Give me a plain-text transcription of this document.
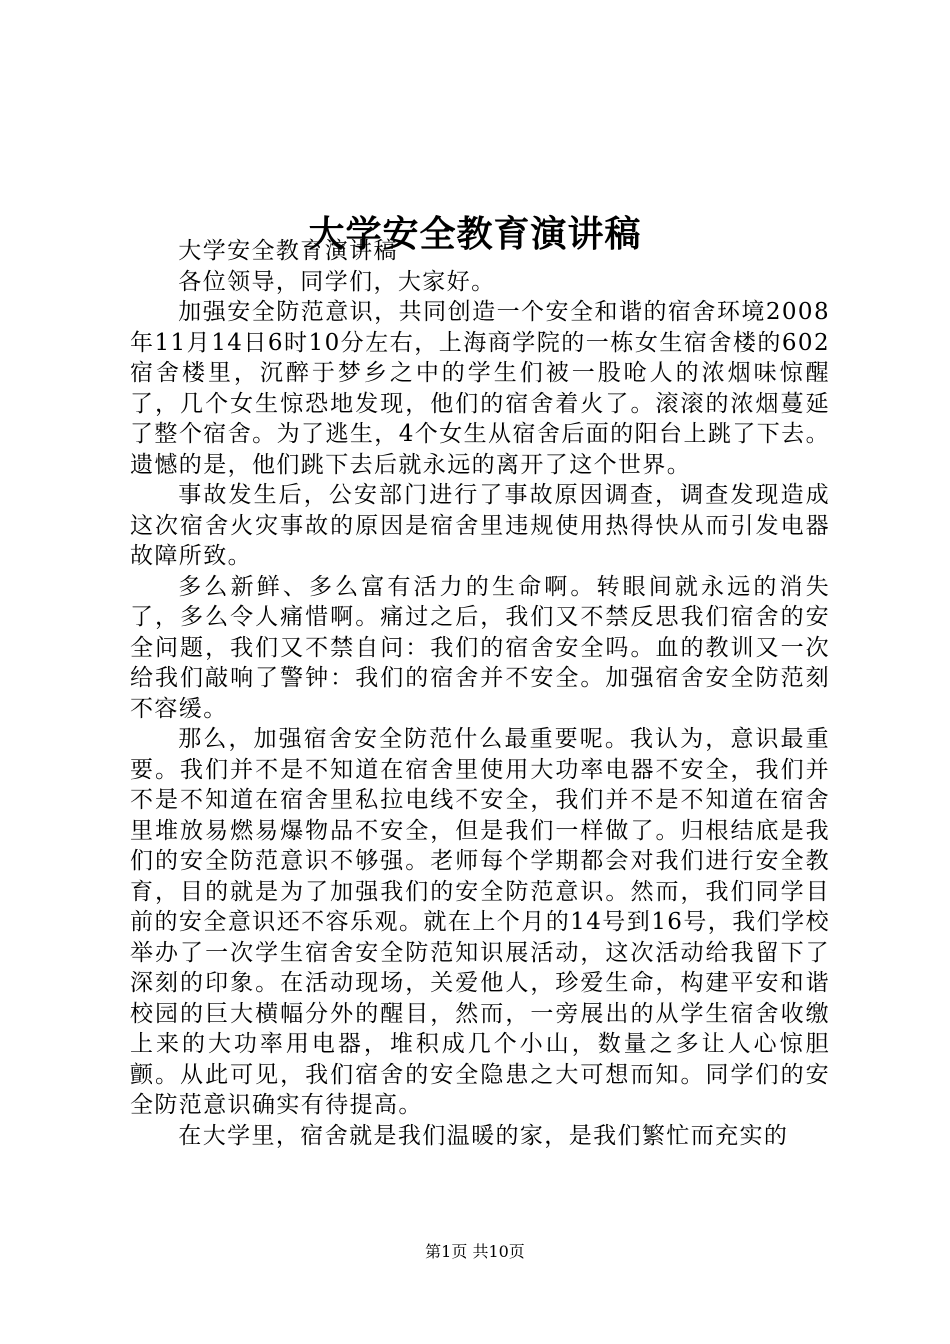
大学安全教育演讲稿

大学安全教育演讲稿

各位领导，同学们，大家好。

加强安全防范意识，共同创造一个安全和谐的宿舍环境2008年11月14日6时10分左右，上海商学院的一栋女生宿舍楼的602宿舍楼里，沉醉于梦乡之中的学生们被一股呛人的浓烟味惊醒了，几个女生惊恐地发现，他们的宿舍着火了。滚滚的浓烟蔓延了整个宿舍。为了逃生，4个女生从宿舍后面的阳台上跳了下去。遗憾的是，他们跳下去后就永远的离开了这个世界。

事故发生后，公安部门进行了事故原因调查，调查发现造成这次宿舍火灾事故的原因是宿舍里违规使用热得快从而引发电器故障所致。

多么新鲜、多么富有活力的生命啊。转眼间就永远的消失了，多么令人痛惜啊。痛过之后，我们又不禁反思我们宿舍的安全问题，我们又不禁自问：我们的宿舍安全吗。血的教训又一次给我们敲响了警钟：我们的宿舍并不安全。加强宿舍安全防范刻不容缓。

那么，加强宿舍安全防范什么最重要呢。我认为，意识最重要。我们并不是不知道在宿舍里使用大功率电器不安全，我们并不是不知道在宿舍里私拉电线不安全，我们并不是不知道在宿舍里堆放易燃易爆物品不安全，但是我们一样做了。归根结底是我们的安全防范意识不够强。老师每个学期都会对我们进行安全教育，目的就是为了加强我们的安全防范意识。然而，我们同学目前的安全意识还不容乐观。就在上个月的14号到16号，我们学校举办了一次学生宿舍安全防范知识展活动，这次活动给我留下了深刻的印象。在活动现场，关爱他人，珍爱生命，构建平安和谐校园的巨大横幅分外的醒目，然而，一旁展出的从学生宿舍收缴上来的大功率用电器，堆积成几个小山，数量之多让人心惊胆颤。从此可见，我们宿舍的安全隐患之大可想而知。同学们的安全防范意识确实有待提高。

在大学里，宿舍就是我们温暖的家，是我们繁忙而充实的

第1页 共10页
